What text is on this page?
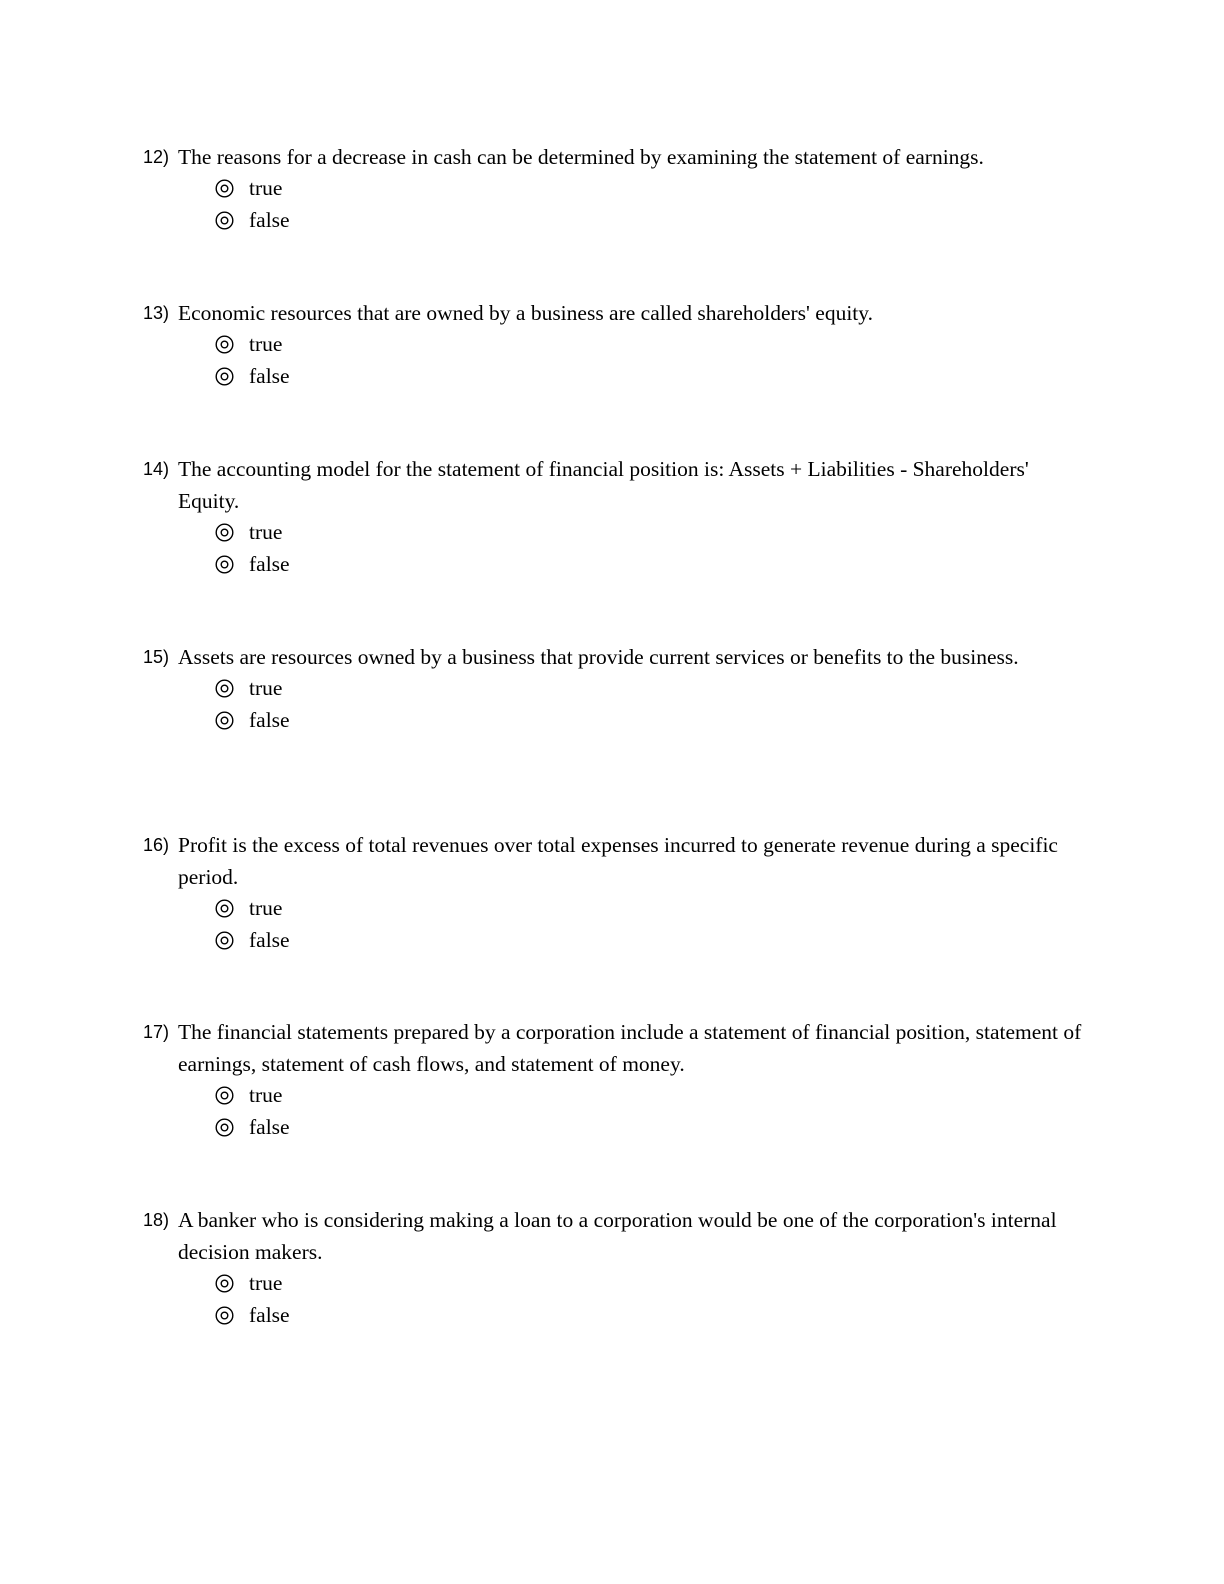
12) The reasons for a decrease in cash can be determined by examining the statement of earnings.
true
false
13) Economic resources that are owned by a business are called shareholders' equity.
true
false
14) The accounting model for the statement of financial position is: Assets + Liabilities - Shareholders' Equity.
true
false
15) Assets are resources owned by a business that provide current services or benefits to the business.
true
false
16) Profit is the excess of total revenues over total expenses incurred to generate revenue during a specific period.
true
false
17) The financial statements prepared by a corporation include a statement of financial position, statement of earnings, statement of cash flows, and statement of money.
true
false
18) A banker who is considering making a loan to a corporation would be one of the corporation's internal decision makers.
true
false
